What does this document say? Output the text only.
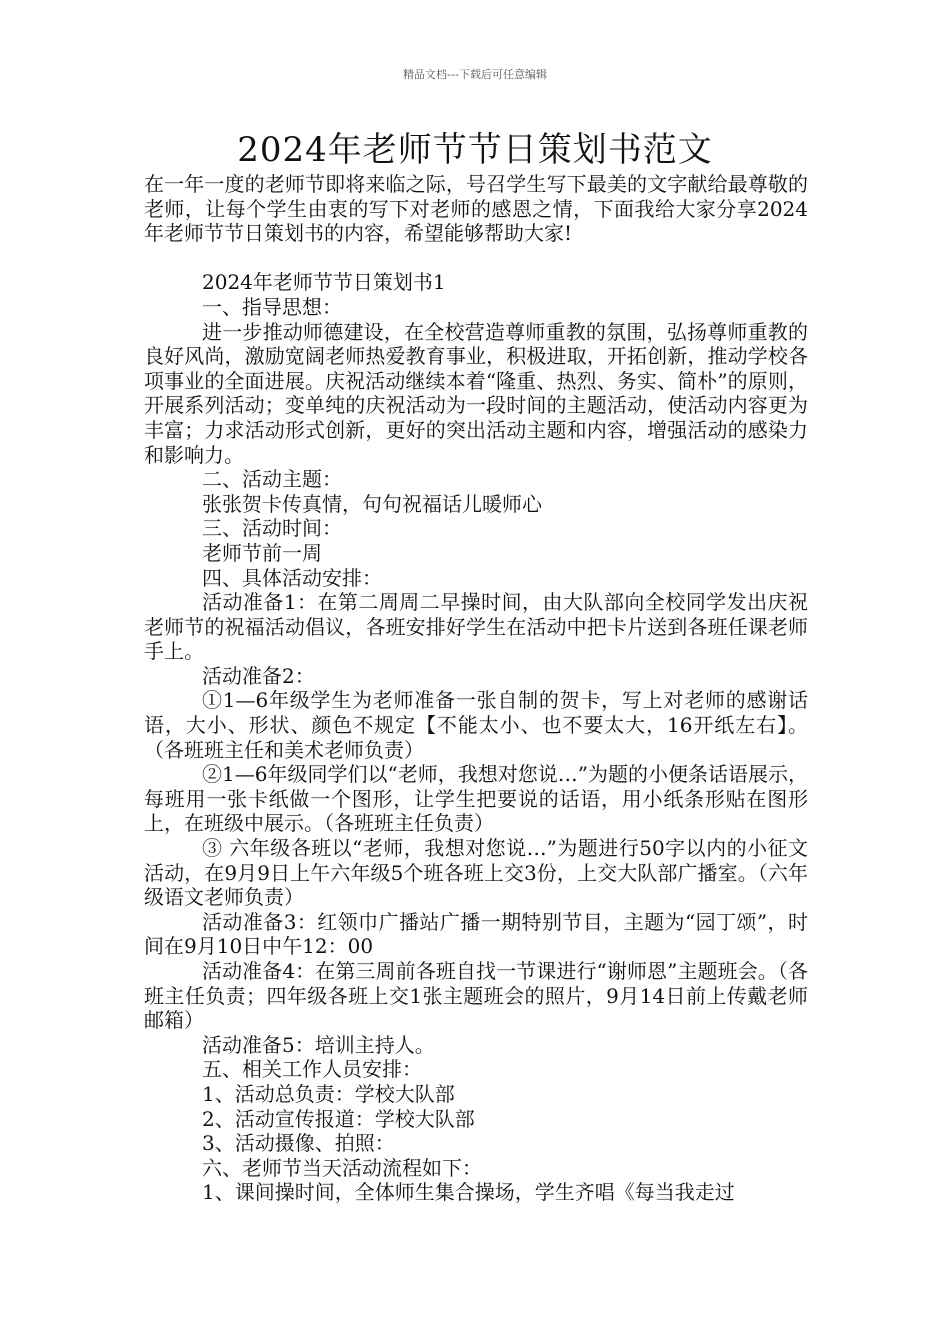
精品文档---下载后可任意编辑
2024年老师节节日策划书范文

在一年一度的老师节即将来临之际，号召学生写下最美的文字献给最尊敬的老师，让每个学生由衷的写下对老师的感恩之情，下面我给大家分享2024年老师节节日策划书的内容，希望能够帮助大家!

2024年老师节节日策划书1

一、指导思想：

进一步推动师德建设，在全校营造尊师重教的氛围，弘扬尊师重教的良好风尚，激励宽阔老师热爱教育事业，积极进取，开拓创新，推动学校各项事业的全面进展。庆祝活动继续本着“隆重、热烈、务实、简朴”的原则，开展系列活动；变单纯的庆祝活动为一段时间的主题活动，使活动内容更为丰富；力求活动形式创新，更好的突出活动主题和内容，增强活动的感染力和影响力。

二、活动主题：

张张贺卡传真情，句句祝福话儿暖师心

三、活动时间：

老师节前一周

四、具体活动安排：

活动准备1：在第二周周二早操时间，由大队部向全校同学发出庆祝老师节的祝福活动倡议，各班安排好学生在活动中把卡片送到各班任课老师手上。

活动准备2：

①1—6年级学生为老师准备一张自制的贺卡，写上对老师的感谢话语，大小、形状、颜色不规定【不能太小、也不要太大，16开纸左右】。（各班班主任和美术老师负责）

②1—6年级同学们以“老师，我想对您说…”为题的小便条话语展示，每班用一张卡纸做一个图形，让学生把要说的话语，用小纸条形贴在图形上，在班级中展示。（各班班主任负责）

③ 六年级各班以“老师，我想对您说…”为题进行50字以内的小征文活动，在9月9日上午六年级5个班各班上交3份，上交大队部广播室。（六年级语文老师负责）

活动准备3：红领巾广播站广播一期特别节目，主题为“园丁颂”，时间在9月10日中午12：00

活动准备4：在第三周前各班自找一节课进行“谢师恩”主题班会。（各班主任负责；四年级各班上交1张主题班会的照片，9月14日前上传戴老师邮箱）

活动准备5：培训主持人。

五、相关工作人员安排：

1、活动总负责：学校大队部

2、活动宣传报道：学校大队部

3、活动摄像、拍照：

六、老师节当天活动流程如下：

1、课间操时间，全体师生集合操场，学生齐唱《每当我走过
